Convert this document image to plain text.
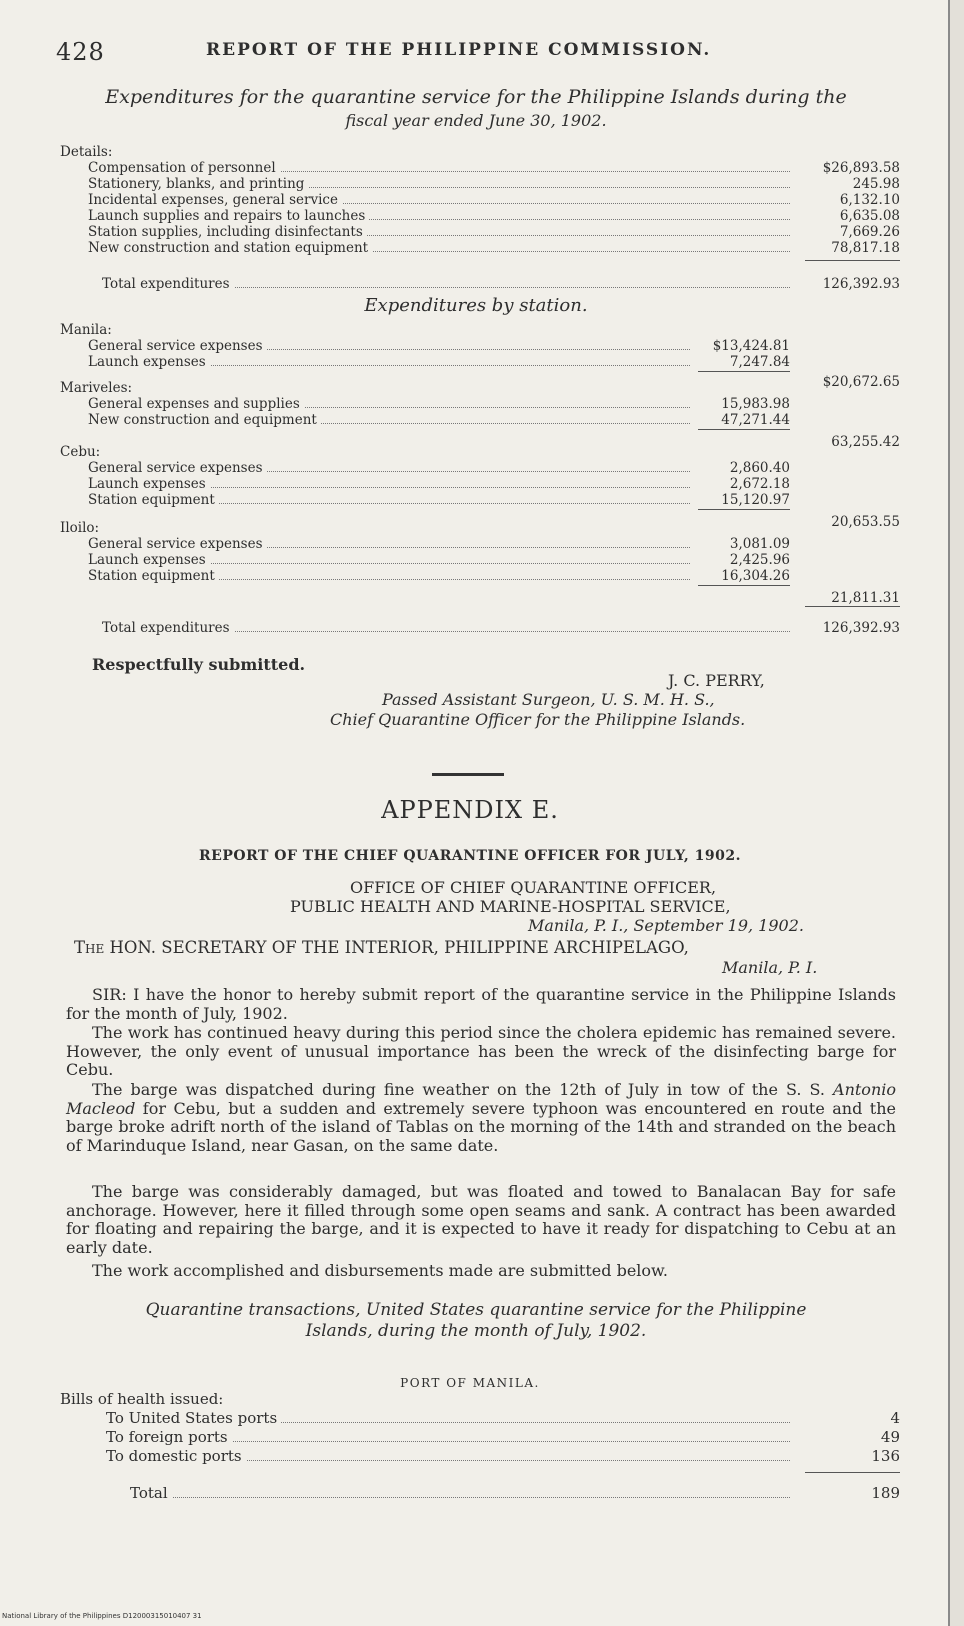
428	REPORT OF THE PHILIPPINE COMMISSION.
Expenditures for the quarantine service for the Philippine Islands during the
fiscal year ended June 30, 1902.
Details:
Compensation of personnel	$26,893.58
Stationery, blanks, and printing	245.98
Incidental expenses, general service	6,132.10
Launch supplies and repairs to launches	6,635.08
Station supplies, including disinfectants	7,669.26
New construction and station equipment	78,817.18
Total expenditures	126,392.93
Expenditures by station.
Manila:
General service expenses	$13,424.81
Launch expenses	7,247.84
$20,672.65
Mariveles:
General expenses and supplies	15,983.98
New construction and equipment	47,271.44
63,255.42
Cebu:
General service expenses	2,860.40
Launch expenses	2,672.18
Station equipment	15,120.97
20,653.55
Iloilo:
General service expenses	3,081.09
Launch expenses	2,425.96
Station equipment	16,304.26
21,811.31
Total expenditures	126,392.93
Respectfully submitted.
J. C. PERRY,
Passed Assistant Surgeon, U. S. M. H. S.,
Chief Quarantine Officer for the Philippine Islands.
APPENDIX E.
REPORT OF THE CHIEF QUARANTINE OFFICER FOR JULY, 1902.
OFFICE OF CHIEF QUARANTINE OFFICER,
PUBLIC HEALTH AND MARINE-HOSPITAL SERVICE,
Manila, P. I., September 19, 1902.
The HON. SECRETARY OF THE INTERIOR, PHILIPPINE ARCHIPELAGO,
Manila, P. I.
SIR: I have the honor to hereby submit report of the quarantine service in the Philippine Islands for the month of July, 1902.
The work has continued heavy during this period since the cholera epidemic has remained severe. However, the only event of unusual importance has been the wreck of the disinfecting barge for Cebu.
The barge was dispatched during fine weather on the 12th of July in tow of the S. S. Antonio Macleod for Cebu, but a sudden and extremely severe typhoon was encountered en route and the barge broke adrift north of the island of Tablas on the morning of the 14th and stranded on the beach of Marinduque Island, near Gasan, on the same date.
The barge was considerably damaged, but was floated and towed to Banalacan Bay for safe anchorage. However, here it filled through some open seams and sank. A contract has been awarded for floating and repairing the barge, and it is expected to have it ready for dispatching to Cebu at an early date.
The work accomplished and disbursements made are submitted below.
Quarantine transactions, United States quarantine service for the Philippine
Islands, during the month of July, 1902.
PORT OF MANILA.
Bills of health issued:
To United States ports	4
To foreign ports	49
To domestic ports	136
Total	189
National Library of the Philippines D12000315010407 31
